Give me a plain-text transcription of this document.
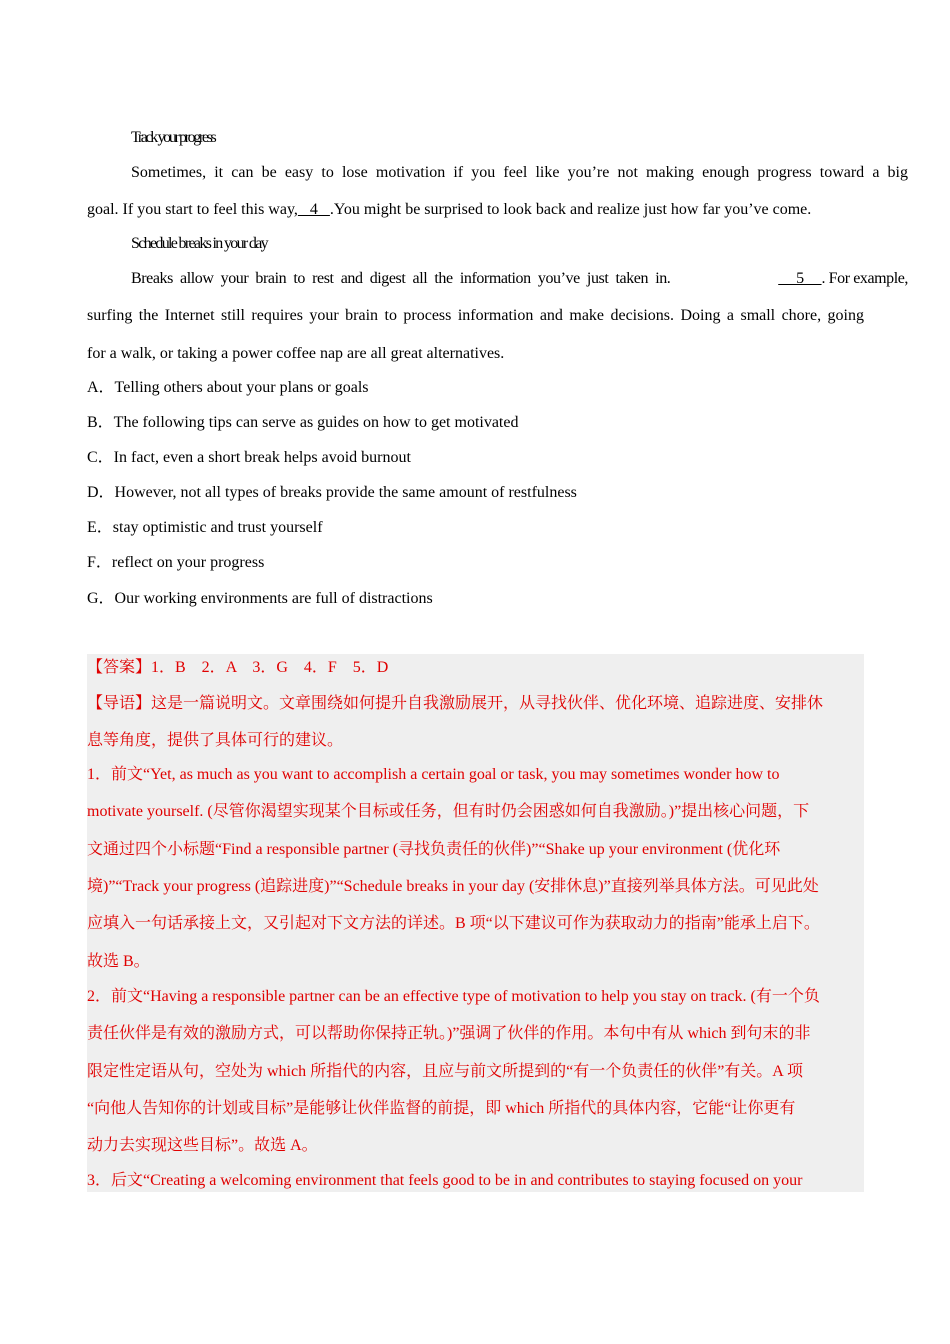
Track your progress
Sometimes, it can be easy to lose motivation if you feel like you’re not making enough progress toward a big
goal. If you start to feel this way,   4   .You might be surprised to look back and realize just how far you’ve come.
Schedule breaks in your day
Breaks allow your brain to rest and digest all the information you’ve just taken in.	5     . For example,
surfing the Internet still requires your brain to process information and make decisions. Doing a small chore, going
for a walk, or taking a power coffee nap are all great alternatives.
A．Telling others about your plans or goals
B．The following tips can serve as guides on how to get motivated
C．In fact, even a short break helps avoid burnout
D．However, not all types of breaks provide the same amount of restfulness
E．stay optimistic and trust yourself
F．reflect on your progress
G．Our working environments are full of distractions
【答案】1．B　2．A　3．G　4．F　5．D
【导语】这是一篇说明文。文章围绕如何提升自我激励展开，从寻找伙伴、优化环境、追踪进度、安排休
息等角度，提供了具体可行的建议。
1．前文“Yet, as much as you want to accomplish a certain goal or task, you may sometimes wonder how to
motivate yourself. (尽管你渴望实现某个目标或任务，但有时仍会困惑如何自我激励。)”提出核心问题，下
文通过四个小标题“Find a responsible partner (寻找负责任的伙伴)”“Shake up your environment (优化环
境)”“Track your progress (追踪进度)”“Schedule breaks in your day (安排休息)”直接列举具体方法。可见此处
应填入一句话承接上文，又引起对下文方法的详述。B 项“以下建议可作为获取动力的指南”能承上启下。
故选 B。
2．前文“Having a responsible partner can be an effective type of motivation to help you stay on track. (有一个负
责任伙伴是有效的激励方式，可以帮助你保持正轨。)”强调了伙伴的作用。本句中有从 which 到句末的非
限定性定语从句，空处为 which 所指代的内容，且应与前文所提到的“有一个负责任的伙伴”有关。A 项
“向他人告知你的计划或目标”是能够让伙伴监督的前提，即 which 所指代的具体内容，它能“让你更有
动力去实现这些目标”。故选 A。
3．后文“Creating a welcoming environment that feels good to be in and contributes to staying focused on your
